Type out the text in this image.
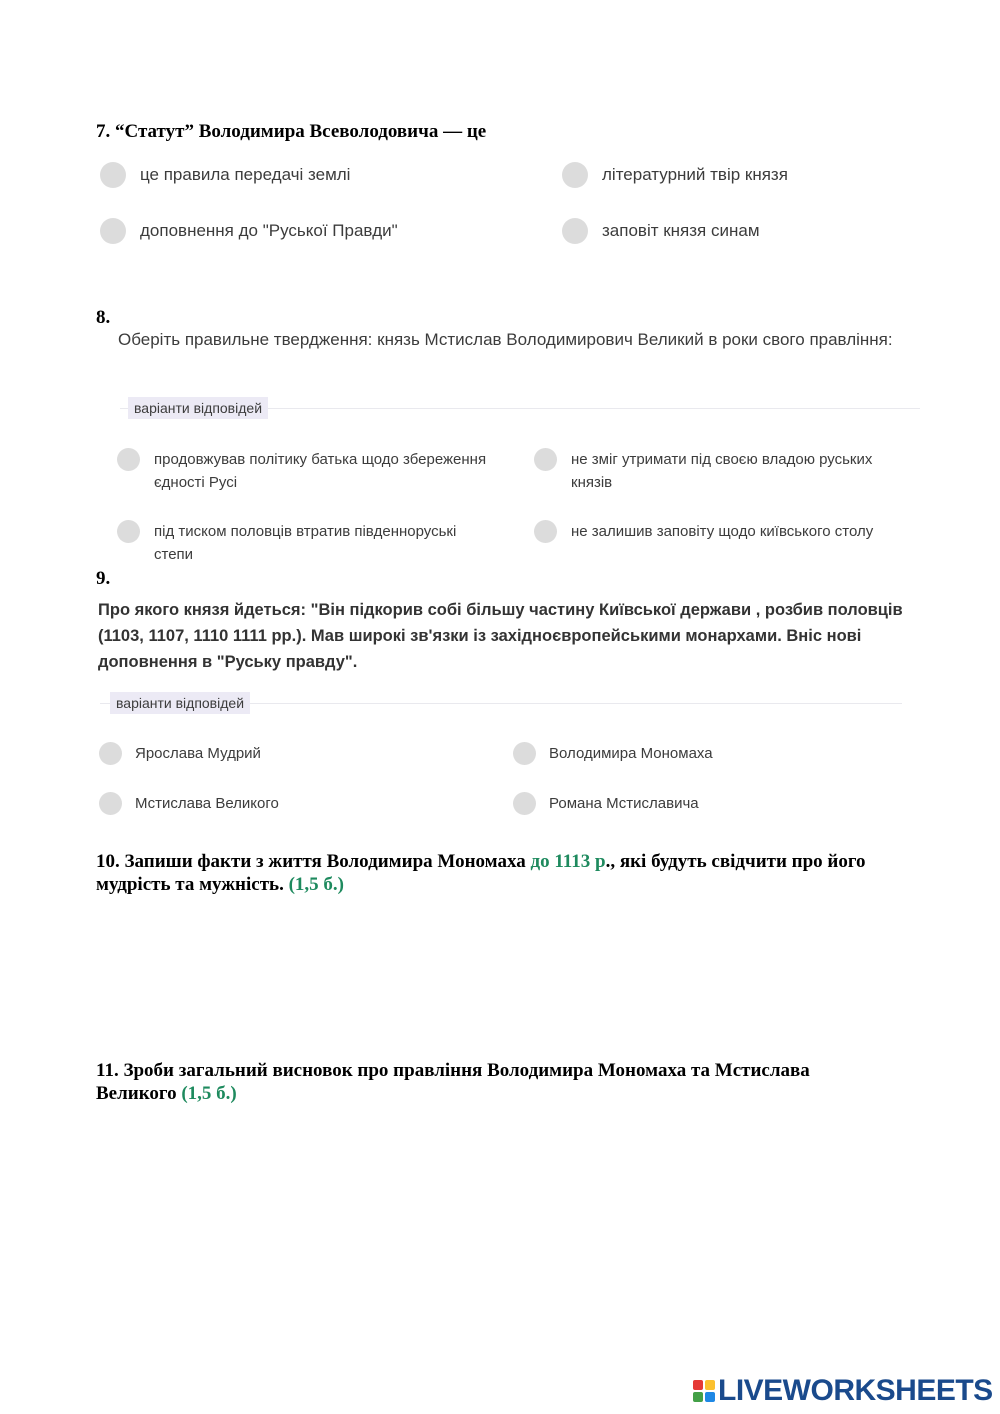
7. “Статут” Володимира Всеволодовича — це
це правила передачі землі	літературний твір князя
доповнення до "Руської Правди"	заповіт князя синам
8.
Оберіть правильне твердження: князь Мстислав Володимирович Великий в роки свого правління:
варіанти відповідей
продовжував політику батька щодо збереження єдності Русі
не зміг утримати під своєю владою руських князів
під тиском половців втратив південноруські степи
не залишив заповіту щодо київського столу
9.
Про якого князя йдеться: "Він підкорив собі більшу частину Київської держави , розбив половців (1103, 1107, 1110 1111 рр.). Мав широкі зв'язки із західноєвропейськими монархами. Вніс нові доповнення в "Руську правду".
варіанти відповідей
Ярослава Мудрий	Володимира Мономаха
Мстислава Великого	Романа Мстиславича
10. Запиши факти з життя Володимира Мономаха до 1113 р., які будуть свідчити про його мудрість та мужність. (1,5 б.)
11. Зроби загальний висновок про правління Володимира Мономаха та Мстислава Великого (1,5 б.)
LIVEWORKSHEETS
